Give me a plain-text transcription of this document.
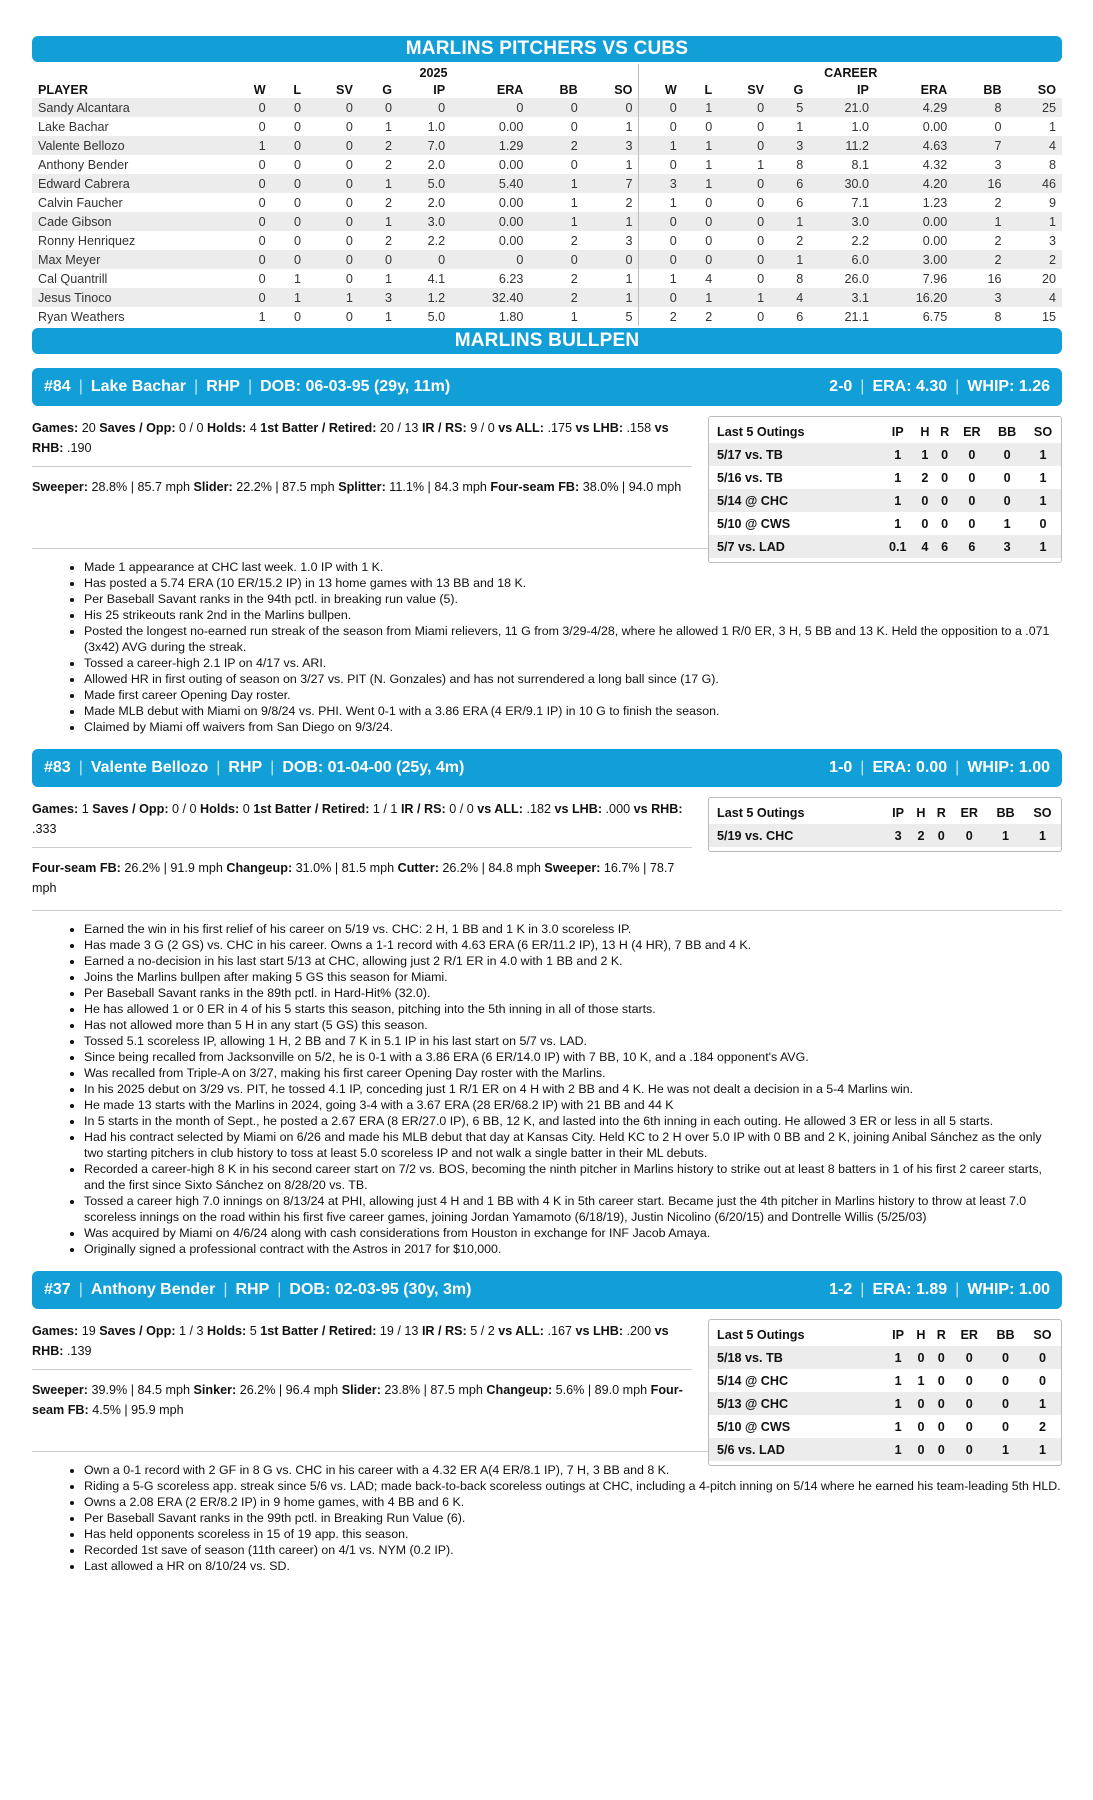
MARLINS PITCHERS VS CUBS
	2025								CAREER							
PLAYER	W	L	SV	G	IP	ERA	BB	SO	W	L	SV	G	IP	ERA	BB	SO
Sandy Alcantara	0	0	0	0	0	0	0	0	0	1	0	5	21.0	4.29	8	25
Lake Bachar	0	0	0	1	1.0	0.00	0	1	0	0	0	1	1.0	0.00	0	1
Valente Bellozo	1	0	0	2	7.0	1.29	2	3	1	1	0	3	11.2	4.63	7	4
Anthony Bender	0	0	0	2	2.0	0.00	0	1	0	1	1	8	8.1	4.32	3	8
Edward Cabrera	0	0	0	1	5.0	5.40	1	7	3	1	0	6	30.0	4.20	16	46
Calvin Faucher	0	0	0	2	2.0	0.00	1	2	1	0	0	6	7.1	1.23	2	9
Cade Gibson	0	0	0	1	3.0	0.00	1	1	0	0	0	1	3.0	0.00	1	1
Ronny Henriquez	0	0	0	2	2.2	0.00	2	3	0	0	0	2	2.2	0.00	2	3
Max Meyer	0	0	0	0	0	0	0	0	0	0	0	1	6.0	3.00	2	2
Cal Quantrill	0	1	0	1	4.1	6.23	2	1	1	4	0	8	26.0	7.96	16	20
Jesus Tinoco	0	1	1	3	1.2	32.40	2	1	0	1	1	4	3.1	16.20	3	4
Ryan Weathers	1	0	0	1	5.0	1.80	1	5	2	2	0	6	21.1	6.75	8	15
MARLINS BULLPEN
#84 | Lake Bachar | RHP | DOB: 06-03-95 (29y, 11m)	2-0 | ERA: 4.30 | WHIP: 1.26
Games: 20 Saves / Opp: 0 / 0 Holds: 4 1st Batter / Retired: 20 / 13 IR / RS: 9 / 0 vs ALL: .175 vs LHB: .158 vs RHB: .190
Sweeper: 28.8% | 85.7 mph Slider: 22.2% | 87.5 mph Splitter: 11.1% | 84.3 mph Four-seam FB: 38.0% | 94.0 mph
Last 5 Outings	IP	H	R	ER	BB	SO
5/17 vs. TB	1	1	0	0	0	1
5/16 vs. TB	1	2	0	0	0	1
5/14 @ CHC	1	0	0	0	0	1
5/10 @ CWS	1	0	0	0	1	0
5/7 vs. LAD	0.1	4	6	6	3	1
• Made 1 appearance at CHC last week. 1.0 IP with 1 K.
• Has posted a 5.74 ERA (10 ER/15.2 IP) in 13 home games with 13 BB and 18 K.
• Per Baseball Savant ranks in the 94th pctl. in breaking run value (5).
• His 25 strikeouts rank 2nd in the Marlins bullpen.
• Posted the longest no-earned run streak of the season from Miami relievers, 11 G from 3/29-4/28, where he allowed 1 R/0 ER, 3 H, 5 BB and 13 K. Held the opposition to a .071 (3x42) AVG during the streak.
• Tossed a career-high 2.1 IP on 4/17 vs. ARI.
• Allowed HR in first outing of season on 3/27 vs. PIT (N. Gonzales) and has not surrendered a long ball since (17 G).
• Made first career Opening Day roster.
• Made MLB debut with Miami on 9/8/24 vs. PHI. Went 0-1 with a 3.86 ERA (4 ER/9.1 IP) in 10 G to finish the season.
• Claimed by Miami off waivers from San Diego on 9/3/24.
#83 | Valente Bellozo | RHP | DOB: 01-04-00 (25y, 4m)	1-0 | ERA: 0.00 | WHIP: 1.00
Games: 1 Saves / Opp: 0 / 0 Holds: 0 1st Batter / Retired: 1 / 1 IR / RS: 0 / 0 vs ALL: .182 vs LHB: .000 vs RHB: .333
Four-seam FB: 26.2% | 91.9 mph Changeup: 31.0% | 81.5 mph Cutter: 26.2% | 84.8 mph Sweeper: 16.7% | 78.7 mph
Last 5 Outings	IP	H	R	ER	BB	SO
5/19 vs. CHC	3	2	0	0	1	1
• Earned the win in his first relief of his career on 5/19 vs. CHC: 2 H, 1 BB and 1 K in 3.0 scoreless IP.
• Has made 3 G (2 GS) vs. CHC in his career. Owns a 1-1 record with 4.63 ERA (6 ER/11.2 IP), 13 H (4 HR), 7 BB and 4 K.
• Earned a no-decision in his last start 5/13 at CHC, allowing just 2 R/1 ER in 4.0 with 1 BB and 2 K.
• Joins the Marlins bullpen after making 5 GS this season for Miami.
• Per Baseball Savant ranks in the 89th pctl. in Hard-Hit% (32.0).
• He has allowed 1 or 0 ER in 4 of his 5 starts this season, pitching into the 5th inning in all of those starts.
• Has not allowed more than 5 H in any start (5 GS) this season.
• Tossed 5.1 scoreless IP, allowing 1 H, 2 BB and 7 K in 5.1 IP in his last start on 5/7 vs. LAD.
• Since being recalled from Jacksonville on 5/2, he is 0-1 with a 3.86 ERA (6 ER/14.0 IP) with 7 BB, 10 K, and a .184 opponent's AVG.
• Was recalled from Triple-A on 3/27, making his first career Opening Day roster with the Marlins.
• In his 2025 debut on 3/29 vs. PIT, he tossed 4.1 IP, conceding just 1 R/1 ER on 4 H with 2 BB and 4 K. He was not dealt a decision in a 5-4 Marlins win.
• He made 13 starts with the Marlins in 2024, going 3-4 with a 3.67 ERA (28 ER/68.2 IP) with 21 BB and 44 K
• In 5 starts in the month of Sept., he posted a 2.67 ERA (8 ER/27.0 IP), 6 BB, 12 K, and lasted into the 6th inning in each outing. He allowed 3 ER or less in all 5 starts.
• Had his contract selected by Miami on 6/26 and made his MLB debut that day at Kansas City. Held KC to 2 H over 5.0 IP with 0 BB and 2 K, joining Anibal Sánchez as the only two starting pitchers in club history to toss at least 5.0 scoreless IP and not walk a single batter in their ML debuts.
• Recorded a career-high 8 K in his second career start on 7/2 vs. BOS, becoming the ninth pitcher in Marlins history to strike out at least 8 batters in 1 of his first 2 career starts, and the first since Sixto Sánchez on 8/28/20 vs. TB.
• Tossed a career high 7.0 innings on 8/13/24 at PHI, allowing just 4 H and 1 BB with 4 K in 5th career start. Became just the 4th pitcher in Marlins history to throw at least 7.0 scoreless innings on the road within his first five career games, joining Jordan Yamamoto (6/18/19), Justin Nicolino (6/20/15) and Dontrelle Willis (5/25/03)
• Was acquired by Miami on 4/6/24 along with cash considerations from Houston in exchange for INF Jacob Amaya.
• Originally signed a professional contract with the Astros in 2017 for $10,000.
#37 | Anthony Bender | RHP | DOB: 02-03-95 (30y, 3m)	1-2 | ERA: 1.89 | WHIP: 1.00
Games: 19 Saves / Opp: 1 / 3 Holds: 5 1st Batter / Retired: 19 / 13 IR / RS: 5 / 2 vs ALL: .167 vs LHB: .200 vs RHB: .139
Sweeper: 39.9% | 84.5 mph Sinker: 26.2% | 96.4 mph Slider: 23.8% | 87.5 mph Changeup: 5.6% | 89.0 mph Four-seam FB: 4.5% | 95.9 mph
Last 5 Outings	IP	H	R	ER	BB	SO
5/18 vs. TB	1	0	0	0	0	0
5/14 @ CHC	1	1	0	0	0	0
5/13 @ CHC	1	0	0	0	0	1
5/10 @ CWS	1	0	0	0	0	2
5/6 vs. LAD	1	0	0	0	1	1
• Own a 0-1 record with 2 GF in 8 G vs. CHC in his career with a 4.32 ER A(4 ER/8.1 IP), 7 H, 3 BB and 8 K.
• Riding a 5-G scoreless app. streak since 5/6 vs. LAD; made back-to-back scoreless outings at CHC, including a 4-pitch inning on 5/14 where he earned his team-leading 5th HLD.
• Owns a 2.08 ERA (2 ER/8.2 IP) in 9 home games, with 4 BB and 6 K.
• Per Baseball Savant ranks in the 99th pctl. in Breaking Run Value (6).
• Has held opponents scoreless in 15 of 19 app. this season.
• Recorded 1st save of season (11th career) on 4/1 vs. NYM (0.2 IP).
• Last allowed a HR on 8/10/24 vs. SD.
